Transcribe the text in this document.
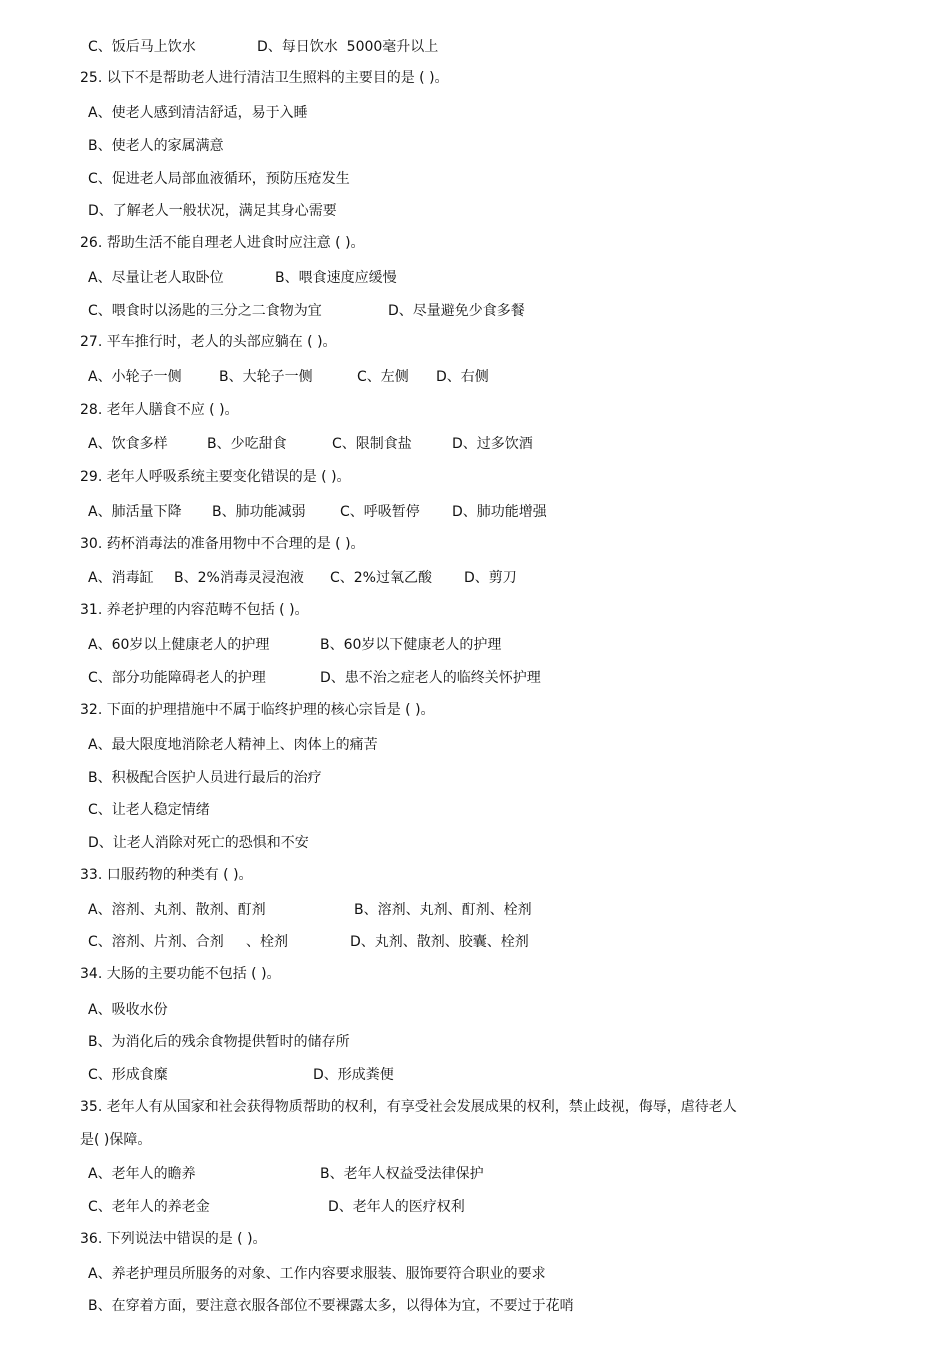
C、饭后马上饮水	D、每日饮水  5000毫升以上
25. 以下不是帮助老人进行清洁卫生照料的主要目的是 ( )。
A、使老人感到清洁舒适，易于入睡
B、使老人的家属满意
C、促进老人局部血液循环，预防压疮发生
D、了解老人一般状况，满足其身心需要
26. 帮助生活不能自理老人进食时应注意 ( )。
A、尽量让老人取卧位	B、喂食速度应缓慢
C、喂食时以汤匙的三分之二食物为宜	D、尽量避免少食多餐
27. 平车推行时，老人的头部应躺在 ( )。
A、小轮子一侧	B、大轮子一侧	C、左侧 D、右侧
28. 老年人膳食不应 ( )。
A、饮食多样	B、少吃甜食	C、限制食盐	D、过多饮酒
29. 老年人呼吸系统主要变化错误的是 ( )。
A、肺活量下降 B、肺功能减弱 C、呼吸暂停 D、肺功能增强
30. 药杯消毒法的准备用物中不合理的是 ( )。
A、消毒缸 B、2%消毒灵浸泡液 C、2%过氧乙酸 D、剪刀
31. 养老护理的内容范畴不包括 ( )。
A、60岁以上健康老人的护理	B、60岁以下健康老人的护理
C、部分功能障碍老人的护理	D、患不治之症老人的临终关怀护理
32. 下面的护理措施中不属于临终护理的核心宗旨是 ( )。
A、最大限度地消除老人精神上、肉体上的痛苦
B、积极配合医护人员进行最后的治疗
C、让老人稳定情绪
D、让老人消除对死亡的恐惧和不安
33. 口服药物的种类有 ( )。
A、溶剂、丸剂、散剂、酊剂	B、溶剂、丸剂、酊剂、栓剂
C、溶剂、片剂、合剂     、栓剂	D、丸剂、散剂、胶囊、栓剂
34. 大肠的主要功能不包括 ( )。
A、吸收水份
B、为消化后的残余食物提供暂时的储存所
C、形成食糜	D、形成粪便
35. 老年人有从国家和社会获得物质帮助的权利，有享受社会发展成果的权利，禁止歧视，侮辱，虐待老人
是( )保障。
A、老年人的瞻养	B、老年人权益受法律保护
C、老年人的养老金	D、老年人的医疗权利
36. 下列说法中错误的是 ( )。
A、养老护理员所服务的对象、工作内容要求服装、服饰要符合职业的要求
B、在穿着方面，要注意衣服各部位不要裸露太多，以得体为宜，不要过于花哨
